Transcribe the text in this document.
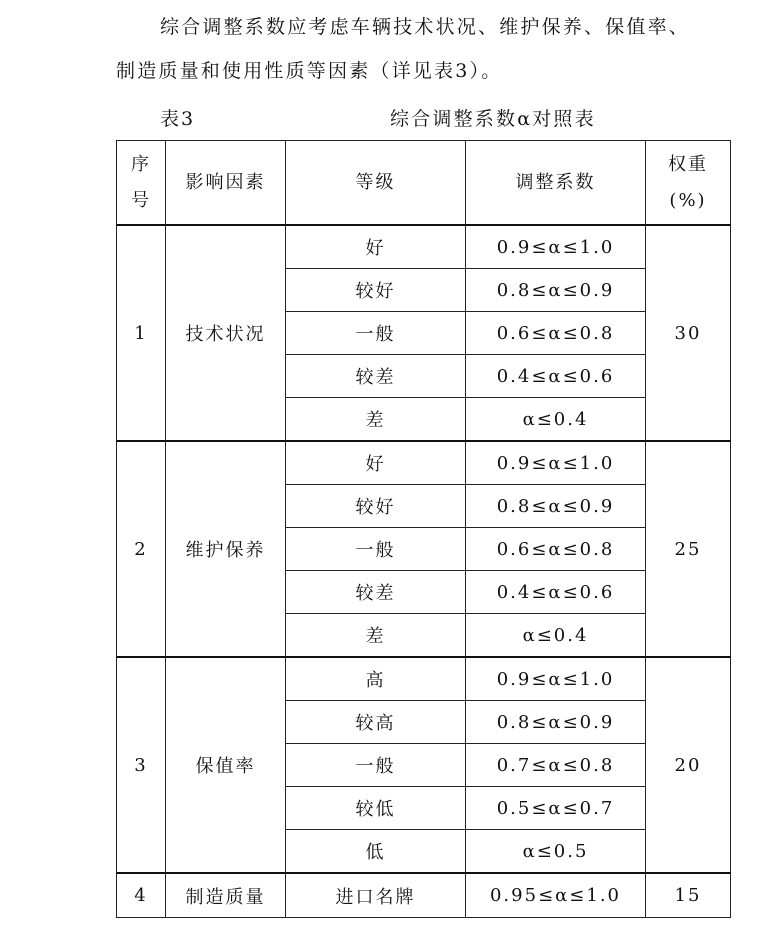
综合调整系数应考虑车辆技术状况、维护保养、保值率、
制造质量和使用性质等因素（详见表3）。
表3	综合调整系数α对照表
序
号	影响因素	等级	调整系数	权重
(%)
1	技术状况	好	0.9≤α≤1.0	30
		较好	0.8≤α≤0.9	
		一般	0.6≤α≤0.8	
		较差	0.4≤α≤0.6	
		差	α≤0.4	
2	维护保养	好	0.9≤α≤1.0	25
		较好	0.8≤α≤0.9	
		一般	0.6≤α≤0.8	
		较差	0.4≤α≤0.6	
		差	α≤0.4	
3	保值率	高	0.9≤α≤1.0	20
		较高	0.8≤α≤0.9	
		一般	0.7≤α≤0.8	
		较低	0.5≤α≤0.7	
		低	α≤0.5	
4	制造质量	进口名牌	0.95≤α≤1.0	15
